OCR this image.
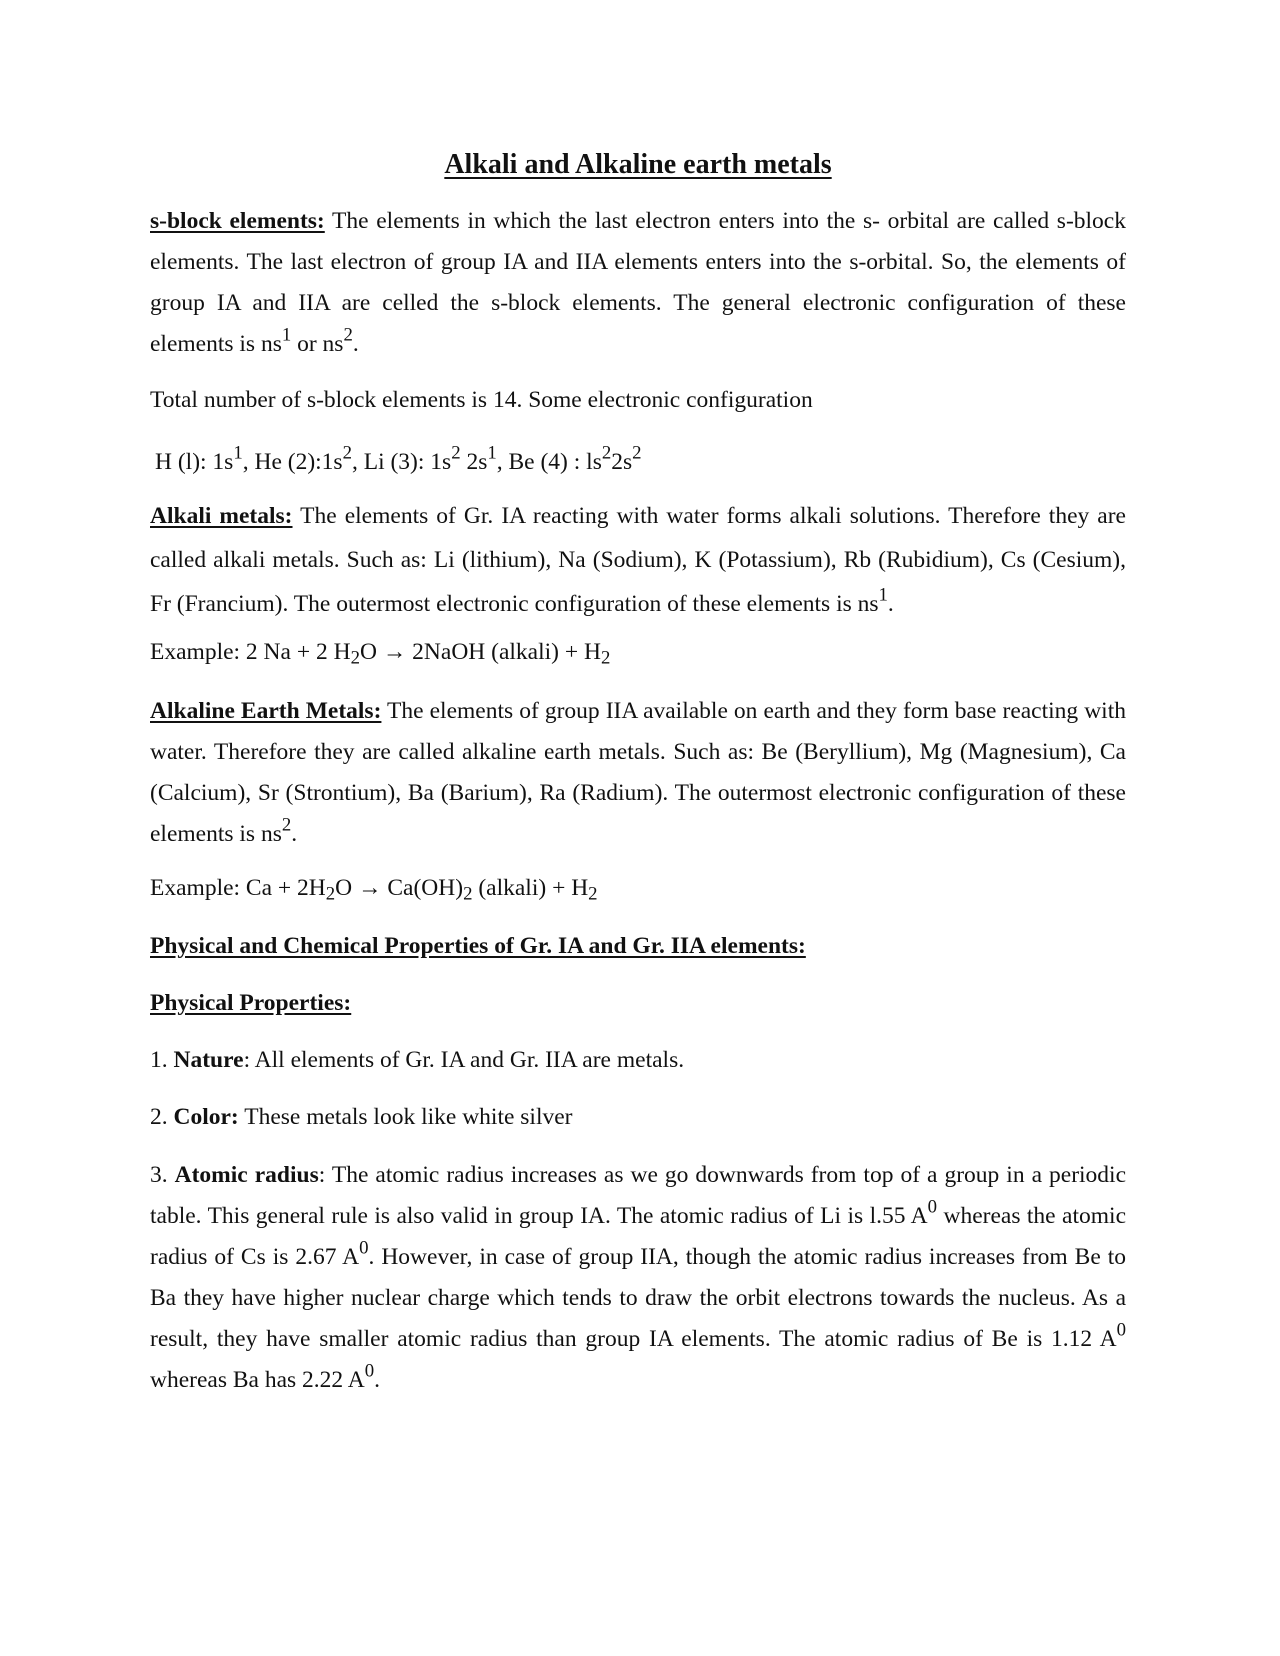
Alkali and Alkaline earth metals
s-block elements: The elements in which the last electron enters into the s- orbital are called s-block elements. The last electron of group IA and IIA elements enters into the s-orbital. So, the elements of group IA and IIA are celled the s-block elements. The general electronic configuration of these elements is $ns^1$ or $ns^2$.
Total number of s-block elements is 14. Some electronic configuration
H (l): $1s^1$, He $(2):1s^2$, Li (3): $1s^2$ $2s^1$, Be (4) : $ls^22s^2$
Alkali metals: The elements of Gr. IA reacting with water forms alkali solutions. Therefore they are called alkali metals. Such as: Li (lithium), Na (Sodium), K (Potassium), Rb (Rubidium), Cs (Cesium), Fr (Francium). The outermost electronic configuration of these elements is $ns^1$.
Example: 2 Na + 2 $H_2O$ → 2NaOH (alkali) + $H_2$
Alkaline Earth Metals: The elements of group IIA available on earth and they form base reacting with water. Therefore they are called alkaline earth metals. Such as: Be (Beryllium), Mg (Magnesium), Ca (Calcium), Sr (Strontium), Ba (Barium), Ra (Radium). The outermost electronic configuration of these elements is $ns^2$.
Example: $Ca + 2H_2O \to Ca(OH)_2$ (alkali) + $H_2$
Physical and Chemical Properties of Gr. IA and Gr. IIA elements:
Physical Properties:
1. Nature: All elements of Gr. IA and Gr. IIA are metals.
2. Color: These metals look like white silver
3. Atomic radius: The atomic radius increases as we go downwards from top of a group in a periodic table. This general rule is also valid in group IA. The atomic radius of Li is l.55 $A^0$ whereas the atomic radius of Cs is 2.67 $A^0$. However, in case of group IIA, though the atomic radius increases from Be to Ba they have higher nuclear charge which tends to draw the orbit electrons towards the nucleus. As a result, they have smaller atomic radius than group IA elements. The atomic radius of Be is 1.12 $A^0$ whereas Ba has 2.22 $A^0$.
